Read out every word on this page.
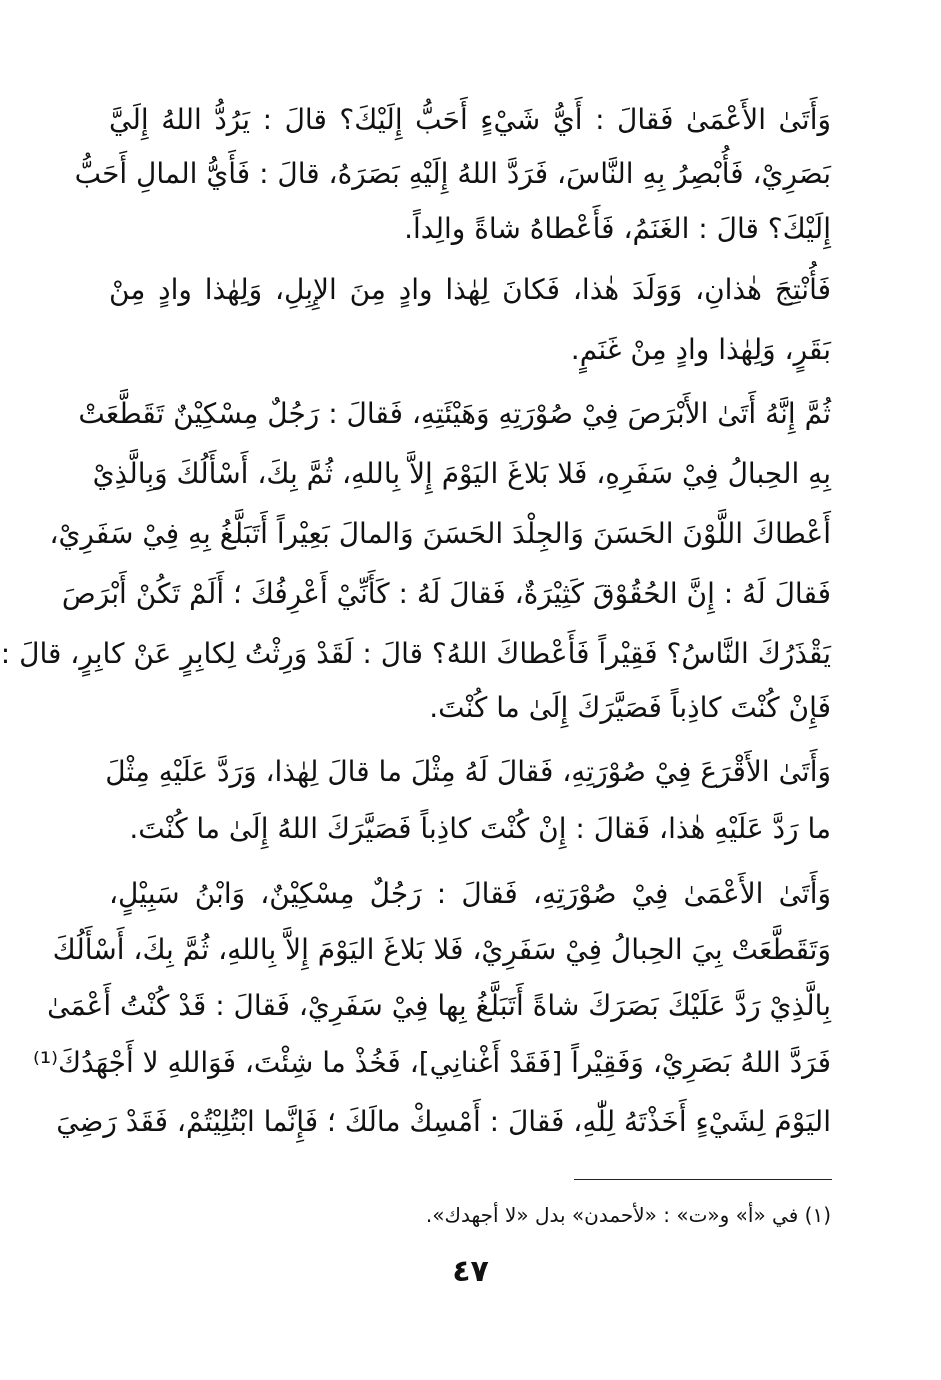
وَأَتَىٰ الأَعْمَىٰ فَقالَ : أَيُّ شَيْءٍ أَحَبُّ إِلَيْكَ؟ قالَ : يَرُدُّ اللهُ إِلَيَّ
بَصَرِيْ، فَأُبْصِرُ بِهِ النَّاسَ، فَرَدَّ اللهُ إِلَيْهِ بَصَرَهُ، قالَ : فَأَيُّ المالِ أَحَبُّ
إِلَيْكَ؟ قالَ : الغَنَمُ، فَأَعْطاهُ شاةً والِداً.
فَأُنْتِجَ هٰذانِ، وَوَلَدَ هٰذا، فَكانَ لِهٰذا وادٍ مِنَ الإِبِلِ، وَلِهٰذا وادٍ مِنْ
بَقَرٍ، وَلِهٰذا وادٍ مِنْ غَنَمٍ.
ثُمَّ إِنَّهُ أَتَىٰ الأَبْرَصَ فِيْ صُوْرَتِهِ وَهَيْئَتِهِ، فَقالَ : رَجُلٌ مِسْكِيْنٌ تَقَطَّعَتْ
بِهِ الحِبالُ فِيْ سَفَرِهِ، فَلا بَلاغَ اليَوْمَ إِلاَّ بِاللهِ، ثُمَّ بِكَ، أَسْأَلُكَ وَبِالَّذِيْ
أَعْطاكَ اللَّوْنَ الحَسَنَ وَالجِلْدَ الحَسَنَ وَالمالَ بَعِيْراً أَتَبَلَّغُ بِهِ فِيْ سَفَرِيْ،
فَقالَ لَهُ : إِنَّ الحُقُوْقَ كَثِيْرَةٌ، فَقالَ لَهُ : كَأَنِّيْ أَعْرِفُكَ ؛ أَلَمْ تَكُنْ أَبْرَصَ
يَقْذَرُكَ النَّاسُ؟ فَقِيْراً فَأَعْطاكَ اللهُ؟ قالَ : لَقَدْ وَرِثْتُ لِكابِرٍ عَنْ كابِرٍ، قالَ :
فَإِنْ كُنْتَ كاذِباً فَصَيَّرَكَ إِلَىٰ ما كُنْتَ.
وَأَتَىٰ الأَقْرَعَ فِيْ صُوْرَتِهِ، فَقالَ لَهُ مِثْلَ ما قالَ لِهٰذا، وَرَدَّ عَلَيْهِ مِثْلَ
ما رَدَّ عَلَيْهِ هٰذا، فَقالَ : إِنْ كُنْتَ كاذِباً فَصَيَّرَكَ اللهُ إِلَىٰ ما كُنْتَ.
وَأَتَىٰ الأَعْمَىٰ فِيْ صُوْرَتِهِ، فَقالَ : رَجُلٌ مِسْكِيْنٌ، وَابْنُ سَبِيْلٍ،
وَتَقَطَّعَتْ بِيَ الحِبالُ فِيْ سَفَرِيْ، فَلا بَلاغَ اليَوْمَ إِلاَّ بِاللهِ، ثُمَّ بِكَ، أَسْأَلُكَ
بِالَّذِيْ رَدَّ عَلَيْكَ بَصَرَكَ شاةً أَتَبَلَّغُ بِها فِيْ سَفَرِيْ، فَقالَ : قَدْ كُنْتُ أَعْمَىٰ
فَرَدَّ اللهُ بَصَرِيْ، وَفَقِيْراً [فَقَدْ أَغْنانِي]، فَخُذْ ما شِئْتَ، فَوَاللهِ لا أَجْهَدُكَ⁽¹⁾
اليَوْمَ لِشَيْءٍ أَخَذْتَهُ لِلّٰهِ، فَقالَ : أَمْسِكْ مالَكَ ؛ فَإِنَّما ابْتُلِيْتُمْ، فَقَدْ رَضِيَ
(١) في «أ» و«ت» : «لأحمدن» بدل «لا أجهدك».
٤٧
